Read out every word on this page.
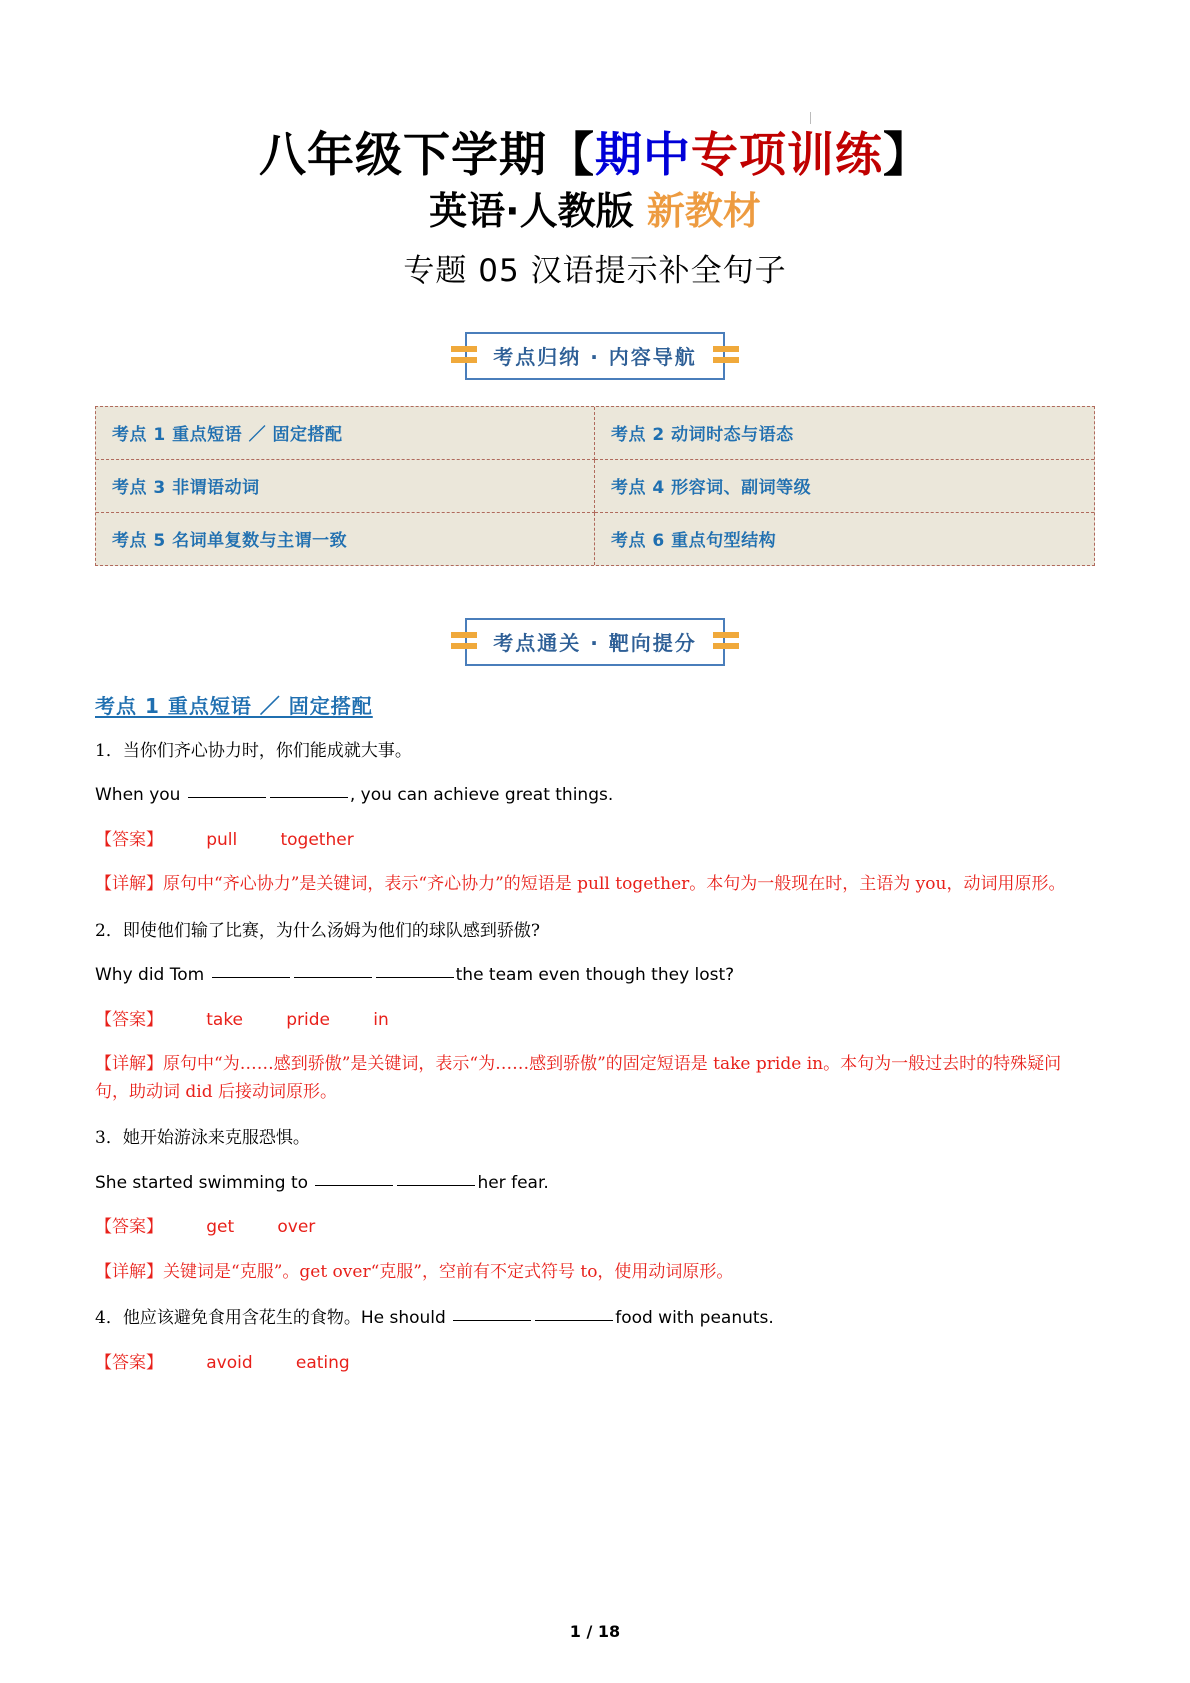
八年级下学期【期中专项训练】
英语·人教版 新教材
专题 05 汉语提示补全句子
考点归纳 · 内容导航
考点 1 重点短语 ／ 固定搭配	考点 2 动词时态与语态
考点 3 非谓语动词	考点 4 形容词、副词等级
考点 5 名词单复数与主谓一致	考点 6 重点句型结构
考点通关 · 靶向提分
考点 1 重点短语 ／ 固定搭配
1．当你们齐心协力时，你们能成就大事。
When you	, you can achieve great things.
【答案】        pull        together
【详解】原句中“齐心协力”是关键词，表示“齐心协力”的短语是 pull together。本句为一般现在时，主语为 you，动词用原形。
2．即使他们输了比赛，为什么汤姆为他们的球队感到骄傲?
Why did Tom	the team even though they lost?
【答案】        take        pride        in
【详解】原句中“为……感到骄傲”是关键词，表示“为……感到骄傲”的固定短语是 take pride in。本句为一般过去时的特殊疑问句，助动词 did 后接动词原形。
3．她开始游泳来克服恐惧。
She started swimming to	her fear.
【答案】        get        over
【详解】关键词是“克服”。get over“克服”，空前有不定式符号 to，使用动词原形。
4．他应该避免食用含花生的食物。He should	food with peanuts.
【答案】        avoid        eating
1 / 18
